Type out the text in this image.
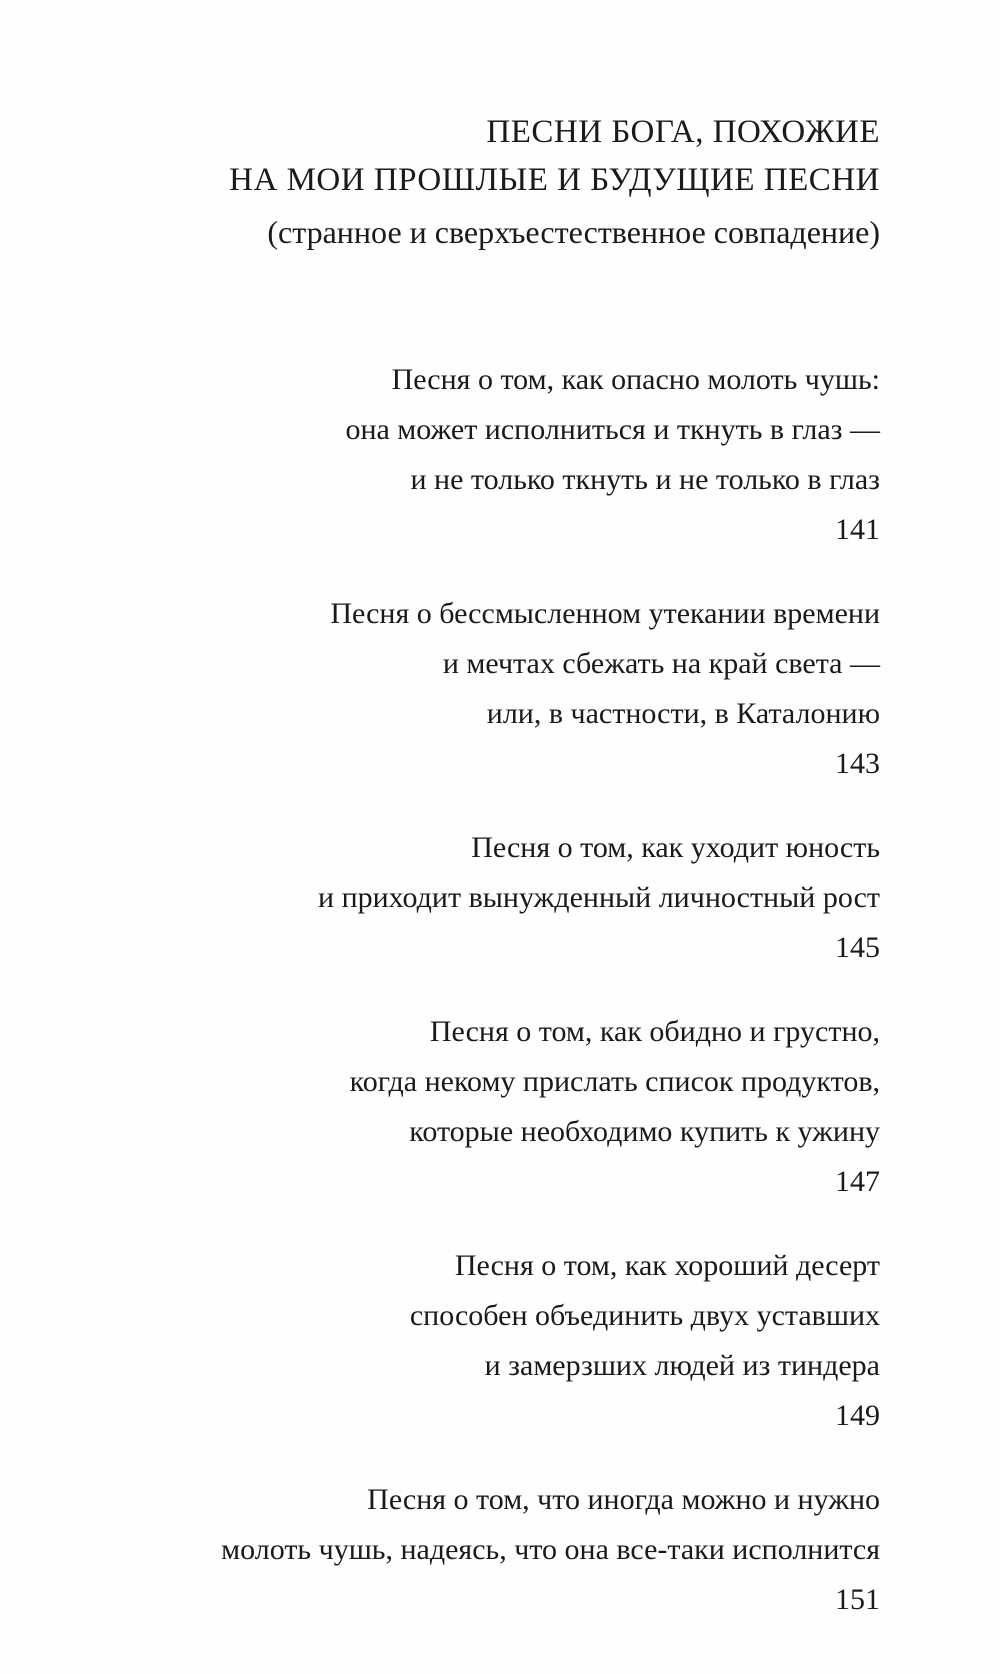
ПЕСНИ БОГА, ПОХОЖИЕ
НА МОИ ПРОШЛЫЕ И БУДУЩИЕ ПЕСНИ
(странное и сверхъестественное совпадение)
Песня о том, как опасно молоть чушь:
она может исполниться и ткнуть в глаз —
и не только ткнуть и не только в глаз
141
Песня о бессмысленном утекании времени
и мечтах сбежать на край света —
или, в частности, в Каталонию
143
Песня о том, как уходит юность
и приходит вынужденный личностный рост
145
Песня о том, как обидно и грустно,
когда некому прислать список продуктов,
которые необходимо купить к ужину
147
Песня о том, как хороший десерт
способен объединить двух уставших
и замерзших людей из тиндера
149
Песня о том, что иногда можно и нужно
молоть чушь, надеясь, что она все-таки исполнится
151
